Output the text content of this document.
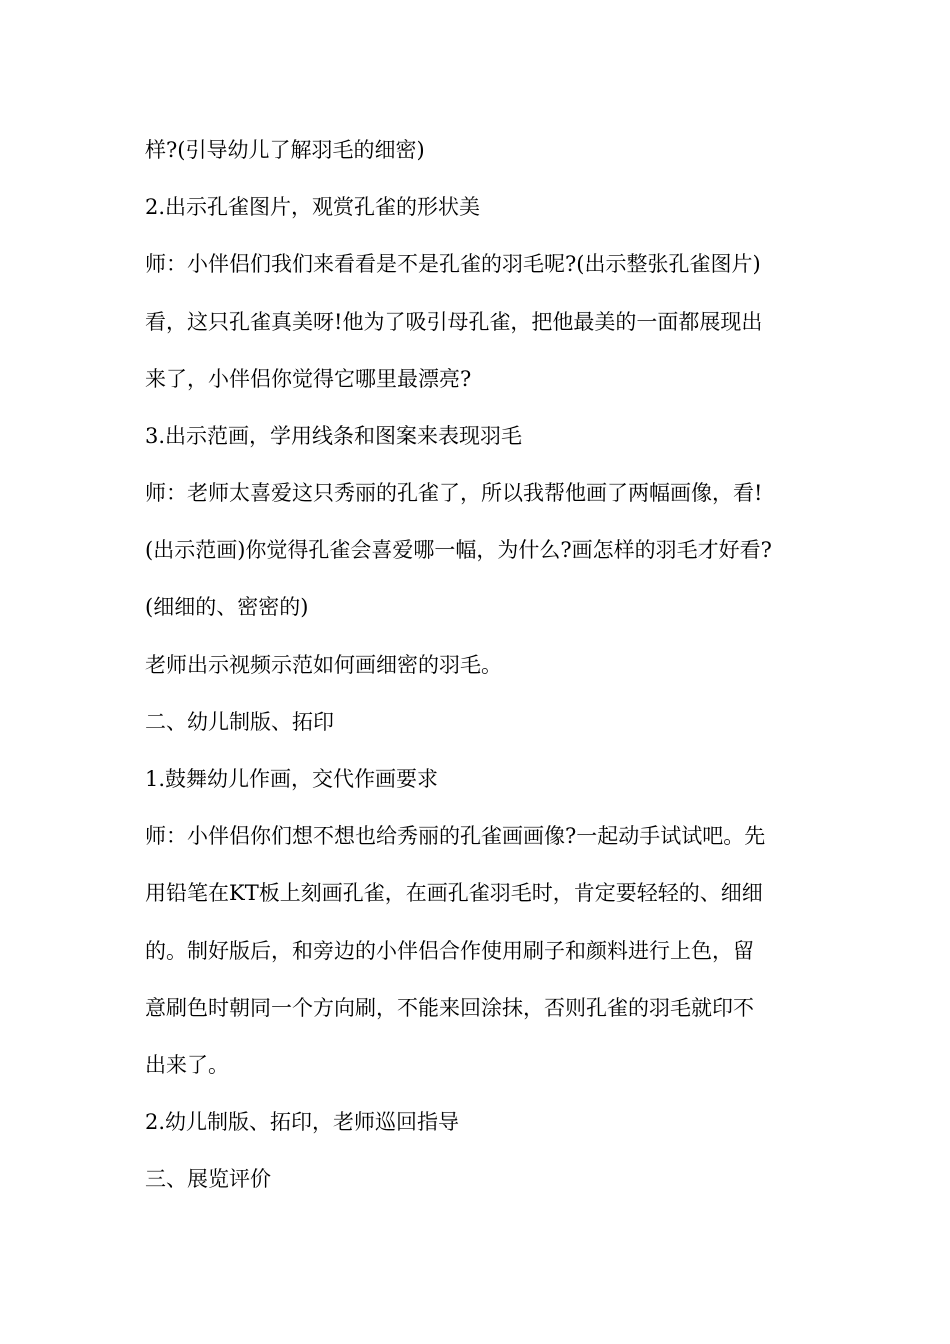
样?(引导幼儿了解羽毛的细密)

2.出示孔雀图片，观赏孔雀的形状美

师：小伴侣们我们来看看是不是孔雀的羽毛呢?(出示整张孔雀图片)

看，这只孔雀真美呀!他为了吸引母孔雀，把他最美的一面都展现出

来了，小伴侣你觉得它哪里最漂亮?

3.出示范画，学用线条和图案来表现羽毛

师：老师太喜爱这只秀丽的孔雀了，所以我帮他画了两幅画像，看!

(出示范画)你觉得孔雀会喜爱哪一幅，为什么?画怎样的羽毛才好看?

(细细的、密密的)

老师出示视频示范如何画细密的羽毛。

二、幼儿制版、拓印

1.鼓舞幼儿作画，交代作画要求

师：小伴侣你们想不想也给秀丽的孔雀画画像?一起动手试试吧。先

用铅笔在KT板上刻画孔雀，在画孔雀羽毛时，肯定要轻轻的、细细

的。制好版后，和旁边的小伴侣合作使用刷子和颜料进行上色，留

意刷色时朝同一个方向刷，不能来回涂抹，否则孔雀的羽毛就印不

出来了。

2.幼儿制版、拓印，老师巡回指导

三、展览评价
